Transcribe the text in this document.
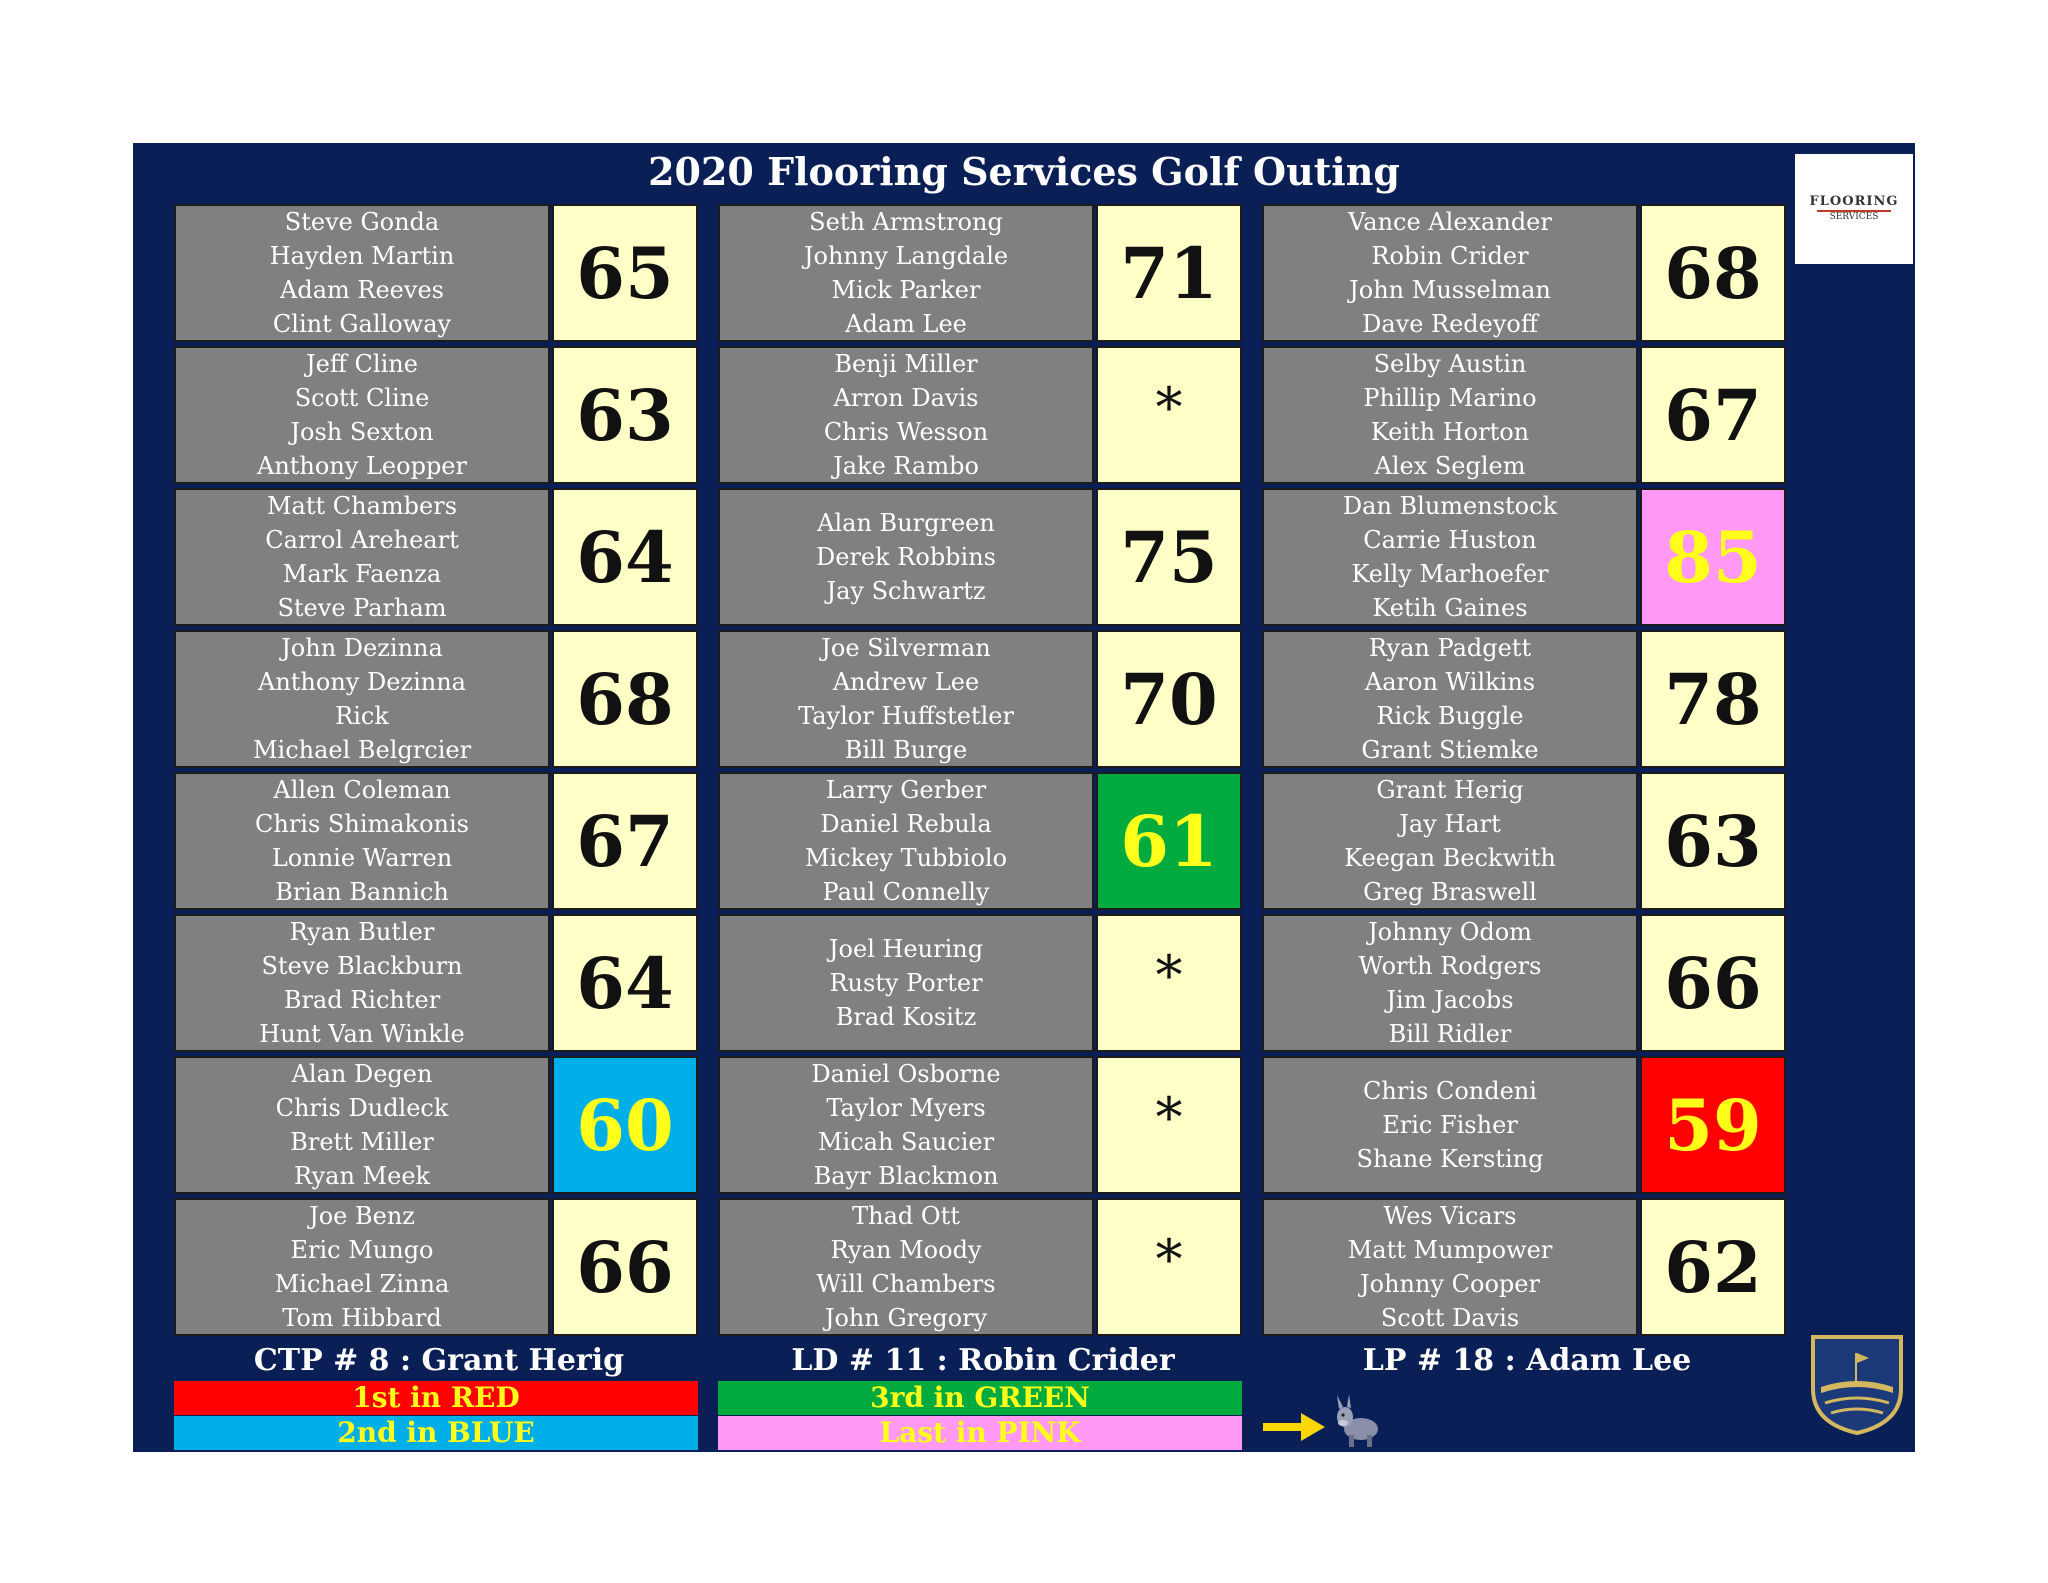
2020 Flooring Services Golf Outing
FLOORING
SERVICES
Steve Gonda
Hayden Martin
Adam Reeves
Clint Galloway
65
Jeff Cline
Scott Cline
Josh Sexton
Anthony Leopper
63
Matt Chambers
Carrol Areheart
Mark Faenza
Steve Parham
64
John Dezinna
Anthony Dezinna
Rick
Michael Belgrcier
68
Allen Coleman
Chris Shimakonis
Lonnie Warren
Brian Bannich
67
Ryan Butler
Steve Blackburn
Brad Richter
Hunt Van Winkle
64
Alan Degen
Chris Dudleck
Brett Miller
Ryan Meek
60
Joe Benz
Eric Mungo
Michael Zinna
Tom Hibbard
66
Seth Armstrong
Johnny Langdale
Mick Parker
Adam Lee
71
Benji Miller
Arron Davis
Chris Wesson
Jake Rambo
*
Alan Burgreen
Derek Robbins
Jay Schwartz	75
Joe Silverman
Andrew Lee
Taylor Huffstetler
Bill Burge
70
Larry Gerber
Daniel Rebula
Mickey Tubbiolo
Paul Connelly
61
Joel Heuring
Rusty Porter
Brad Kositz
*
Daniel Osborne
Taylor Myers
Micah Saucier
Bayr Blackmon
*
Thad Ott
Ryan Moody
Will Chambers
John Gregory
*
Vance Alexander
Robin Crider
John Musselman
Dave Redeyoff
68
Selby Austin
Phillip Marino
Keith Horton
Alex Seglem
67
Dan Blumenstock
Carrie Huston
Kelly Marhoefer
Ketih Gaines
85
Ryan Padgett
Aaron Wilkins
Rick Buggle
Grant Stiemke
78
Grant Herig
Jay Hart
Keegan Beckwith
Greg Braswell
63
Johnny Odom
Worth Rodgers
Jim Jacobs
Bill Ridler
66
Chris Condeni
Eric Fisher
Shane Kersting	59
Wes Vicars
Matt Mumpower
Johnny Cooper
Scott Davis
62
CTP # 8 : Grant Herig	LD # 11 : Robin Crider	LP # 18 : Adam Lee
1st in RED
2nd in BLUE
3rd in GREEN
Last in PINK
